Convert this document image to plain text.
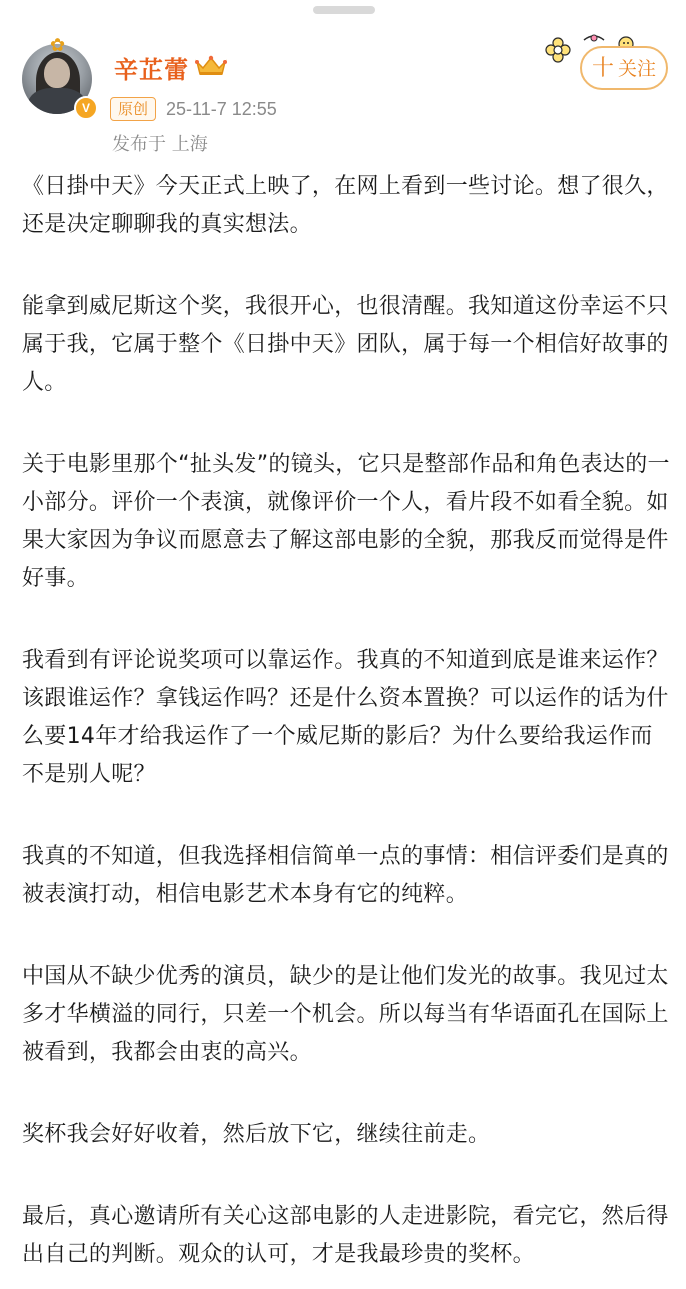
✿
V
辛芷蕾
原创	25-11-7 12:55
发布于 上海
十 关注

《日掛中天》今天正式上映了，在网上看到一些讨论。想了很久，还是决定聊聊我的真实想法。

能拿到威尼斯这个奖，我很开心，也很清醒。我知道这份幸运不只属于我，它属于整个《日掛中天》团队，属于每一个相信好故事的人。

关于电影里那个“扯头发”的镜头，它只是整部作品和角色表达的一小部分。评价一个表演，就像评价一个人，看片段不如看全貌。如果大家因为争议而愿意去了解这部电影的全貌，那我反而觉得是件好事。

我看到有评论说奖项可以靠运作。我真的不知道到底是谁来运作？该跟谁运作？拿钱运作吗？还是什么资本置换？可以运作的话为什么要14年才给我运作了一个威尼斯的影后？为什么要给我运作而不是别人呢？

我真的不知道，但我选择相信简单一点的事情：相信评委们是真的被表演打动，相信电影艺术本身有它的纯粹。

中国从不缺少优秀的演员，缺少的是让他们发光的故事。我见过太多才华横溢的同行，只差一个机会。所以每当有华语面孔在国际上被看到，我都会由衷的高兴。

奖杯我会好好收着，然后放下它，继续往前走。

最后，真心邀请所有关心这部电影的人走进影院，看完它，然后得出自己的判断。观众的认可，才是我最珍贵的奖杯。
